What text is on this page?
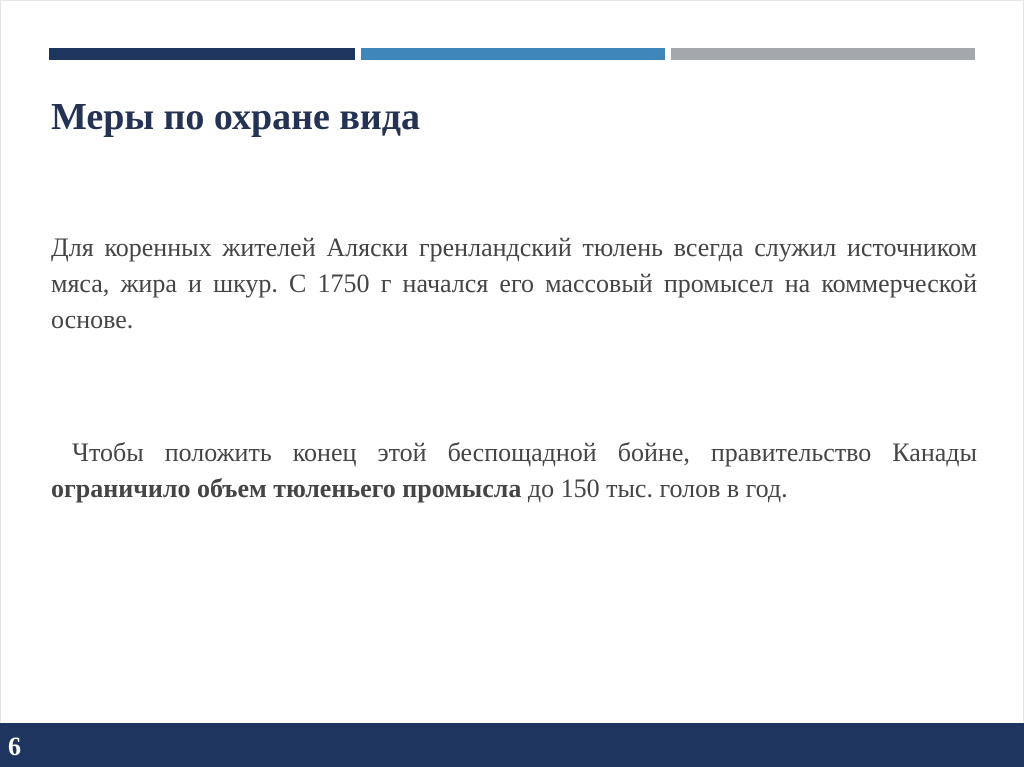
Меры по охране вида

Для коренных жителей Аляски гренландский тюлень всегда служил источником мяса, жира и шкур. С 1750 г начался его массовый промысел на коммерческой основе.

Чтобы положить конец этой беспощадной бойне, правительство Канады ограничило объем тюленьего промысла до 150 тыс. голов в год.

6
